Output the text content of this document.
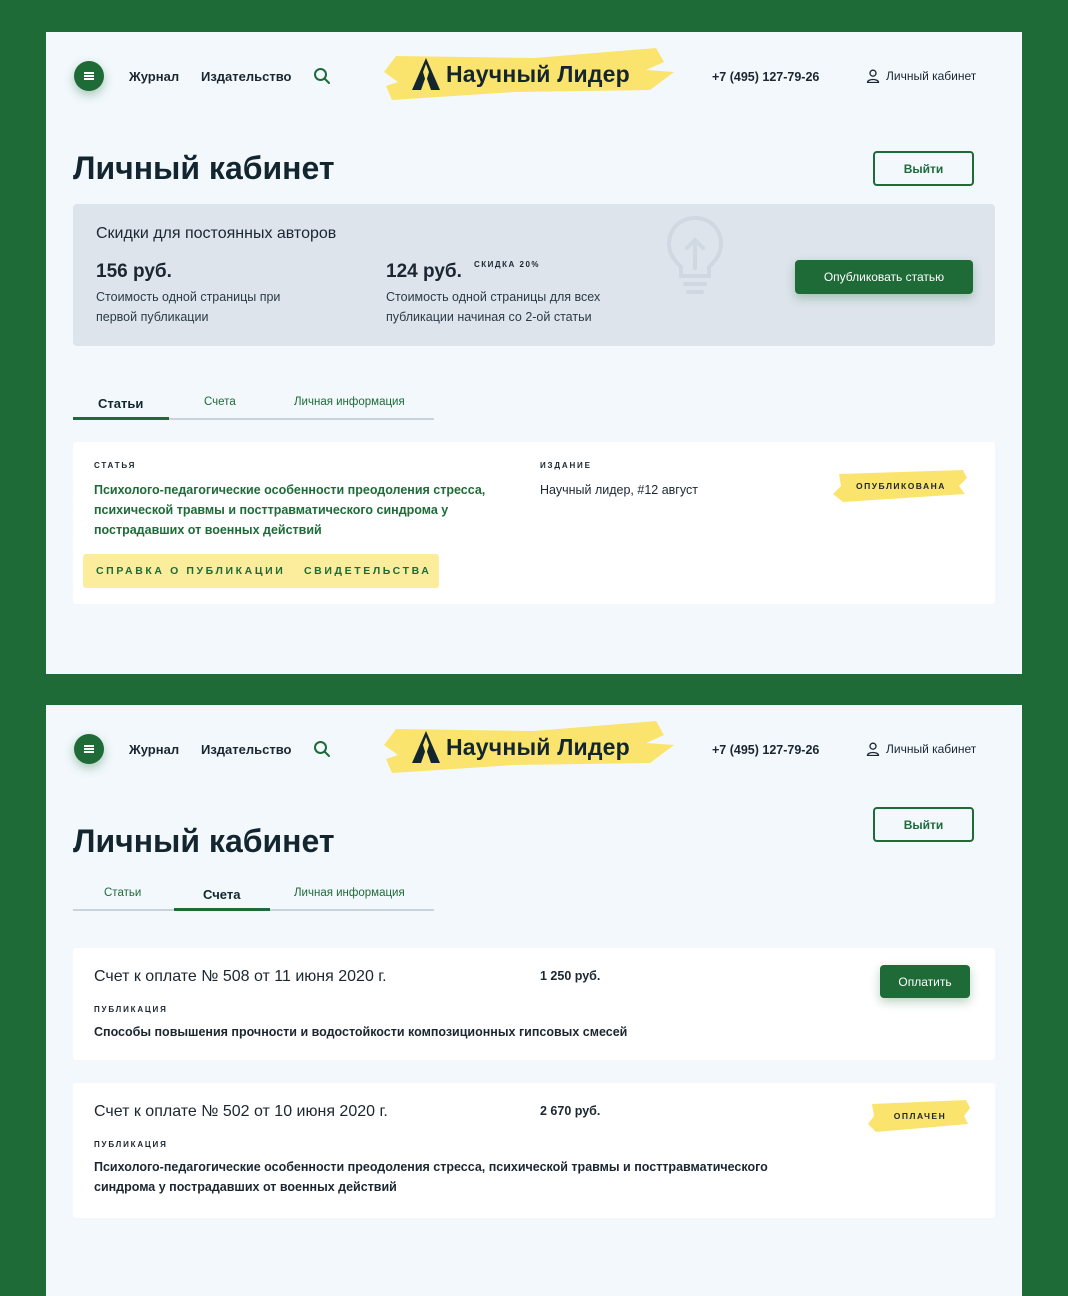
Журнал Издательство	Научный Лидер	+7 (495) 127-79-26	Личный кабинет
Личный кабинет	Выйти
Скидки для постоянных авторов
156 руб.
Стоимость одной страницы при
первой публикации
124 руб. СКИДКА 20%
Стоимость одной страницы для всех
публикации начиная со 2-ой статьи
Опубликовать статью
Статьи	Счета	Личная информация
СТАТЬЯ
Психолого-педагогические особенности преодоления стресса,
психической травмы и посттравматического синдрома у
пострадавших от военных действий
ИЗДАНИЕ
Научный лидер, #12 август	ОПУБЛИКОВАНА
СПРАВКА О ПУБЛИКАЦИИ СВИДЕТЕЛЬСТВА
Журнал Издательство	Научный Лидер	+7 (495) 127-79-26	Личный кабинет
Личный кабинет	Выйти
Статьи	Счета	Личная информация
Счет к оплате № 508 от 11 июня 2020 г.	1 250 руб.
ПУБЛИКАЦИЯ
Способы повышения прочности и водостойкости композиционных гипсовых смесей
Оплатить
Счет к оплате № 502 от 10 июня 2020 г.	2 670 руб.
ПУБЛИКАЦИЯ
Психолого-педагогические особенности преодоления стресса, психической травмы и посттравматического
синдрома у пострадавших от военных действий
ОПЛАЧЕН
